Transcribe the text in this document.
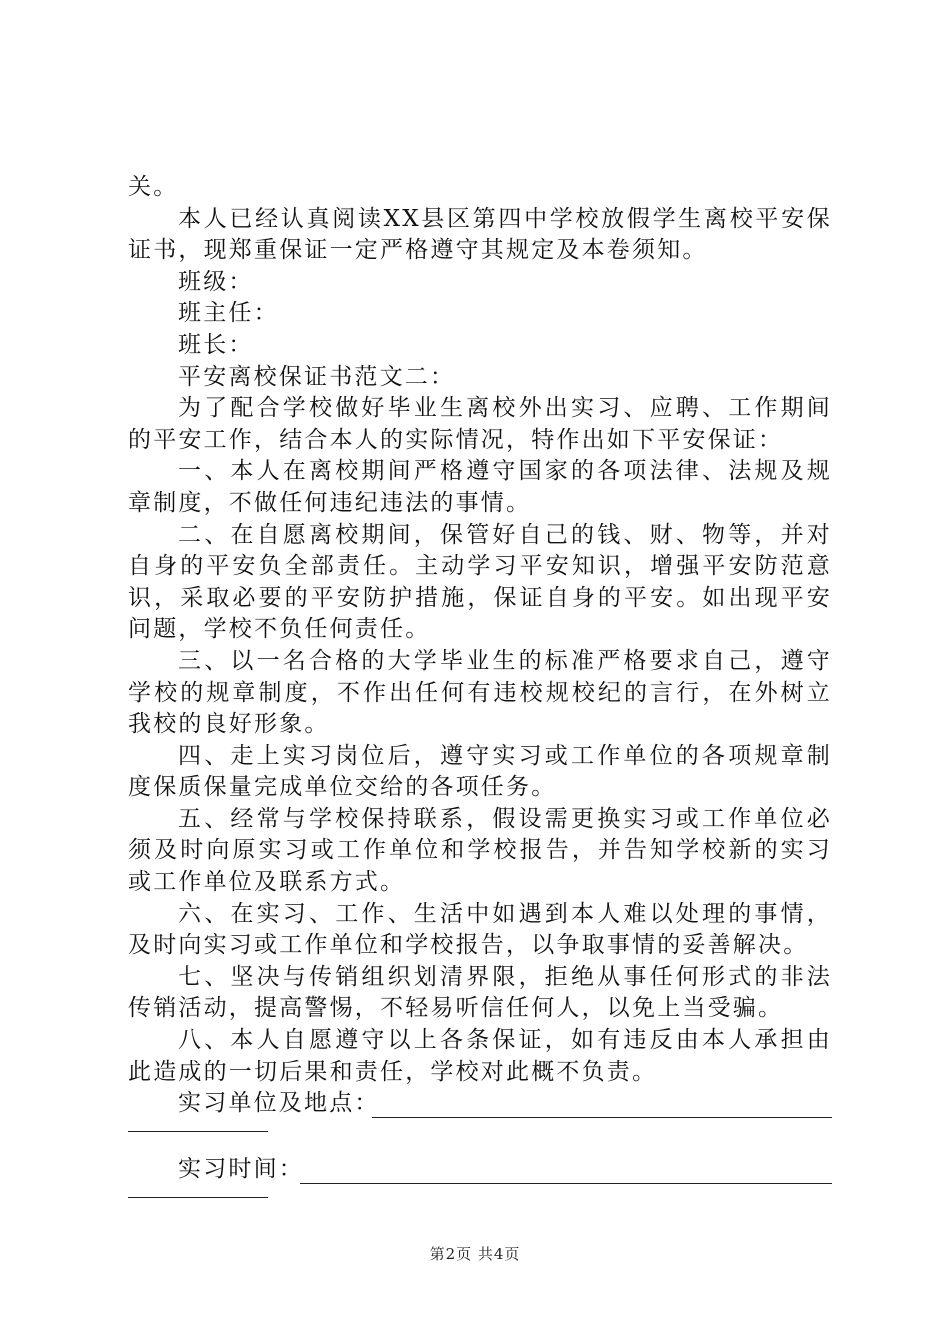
关。

本人已经认真阅读XX县区第四中学校放假学生离校平安保证书，现郑重保证一定严格遵守其规定及本卷须知。

班级：

班主任：

班长：

平安离校保证书范文二：

为了配合学校做好毕业生离校外出实习、应聘、工作期间的平安工作，结合本人的实际情况，特作出如下平安保证：

一、本人在离校期间严格遵守国家的各项法律、法规及规章制度，不做任何违纪违法的事情。

二、在自愿离校期间，保管好自己的钱、财、物等，并对自身的平安负全部责任。主动学习平安知识，增强平安防范意识，采取必要的平安防护措施，保证自身的平安。如出现平安问题，学校不负任何责任。

三、以一名合格的大学毕业生的标准严格要求自己，遵守学校的规章制度，不作出任何有违校规校纪的言行，在外树立我校的良好形象。

四、走上实习岗位后，遵守实习或工作单位的各项规章制度保质保量完成单位交给的各项任务。

五、经常与学校保持联系，假设需更换实习或工作单位必须及时向原实习或工作单位和学校报告，并告知学校新的实习或工作单位及联系方式。

六、在实习、工作、生活中如遇到本人难以处理的事情，及时向实习或工作单位和学校报告，以争取事情的妥善解决。

七、坚决与传销组织划清界限，拒绝从事任何形式的非法传销活动，提高警惕，不轻易听信任何人，以免上当受骗。

八、本人自愿遵守以上各条保证，如有违反由本人承担由此造成的一切后果和责任，学校对此概不负责。

实习单位及地点：
实习时间：
第2页 共4页
